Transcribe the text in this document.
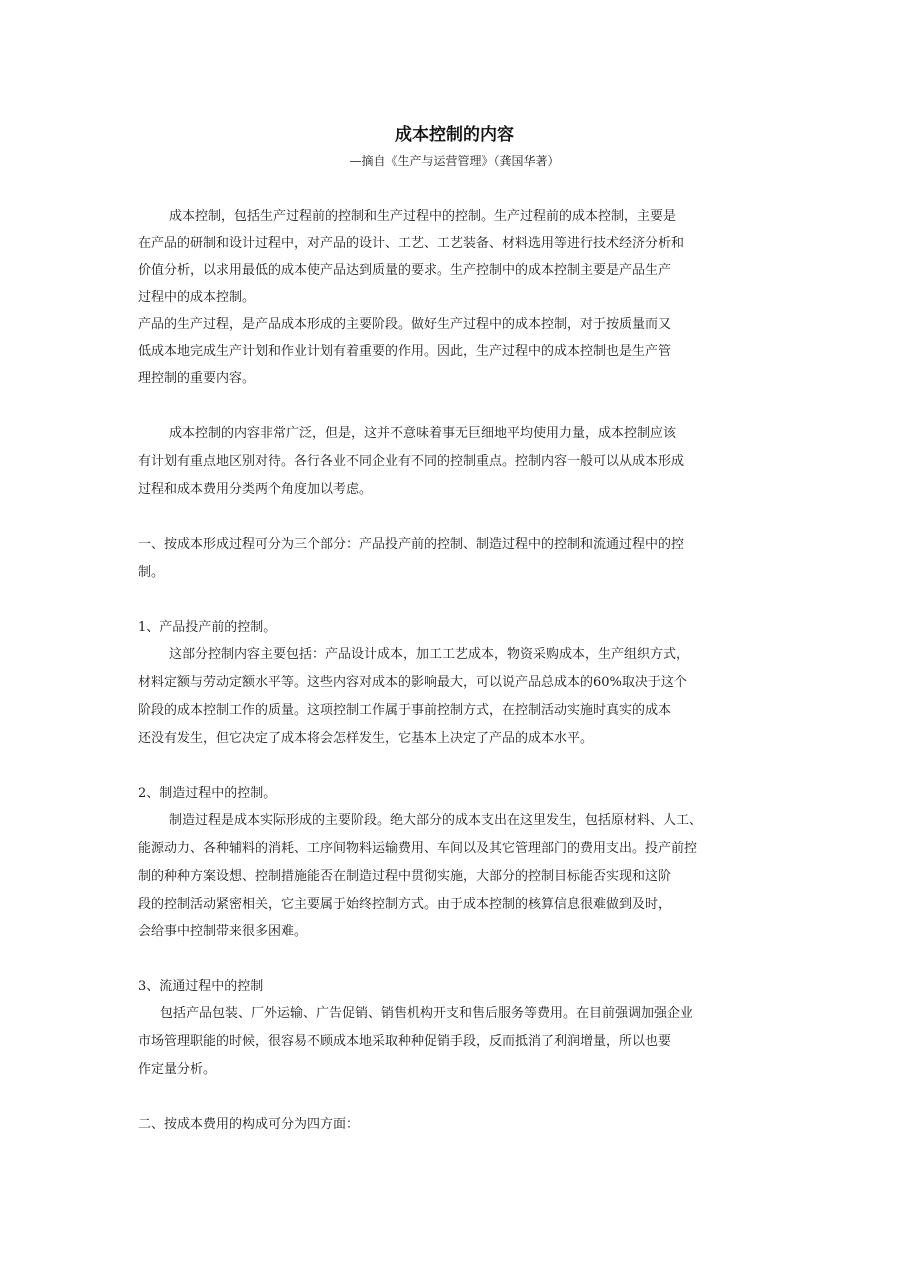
成本控制的内容
—摘自《生产与运营管理》（龚国华著）
成本控制，包括生产过程前的控制和生产过程中的控制。生产过程前的成本控制，主要是
在产品的研制和设计过程中，对产品的设计、工艺、工艺装备、材料选用等进行技术经济分析和
价值分析，以求用最低的成本使产品达到质量的要求。生产控制中的成本控制主要是产品生产
过程中的成本控制。
产品的生产过程，是产品成本形成的主要阶段。做好生产过程中的成本控制，对于按质量而又
低成本地完成生产计划和作业计划有着重要的作用。因此，生产过程中的成本控制也是生产管
理控制的重要内容。
成本控制的内容非常广泛，但是，这并不意味着事无巨细地平均使用力量，成本控制应该
有计划有重点地区别对待。各行各业不同企业有不同的控制重点。控制内容一般可以从成本形成
过程和成本费用分类两个角度加以考虑。
一、按成本形成过程可分为三个部分：产品投产前的控制、制造过程中的控制和流通过程中的控
制。
1、产品投产前的控制。
这部分控制内容主要包括：产品设计成本，加工工艺成本，物资采购成本，生产组织方式，
材料定额与劳动定额水平等。这些内容对成本的影响最大，可以说产品总成本的60%取决于这个
阶段的成本控制工作的质量。这项控制工作属于事前控制方式，在控制活动实施时真实的成本
还没有发生，但它决定了成本将会怎样发生，它基本上决定了产品的成本水平。
2、制造过程中的控制。
制造过程是成本实际形成的主要阶段。绝大部分的成本支出在这里发生，包括原材料、人工、
能源动力、各种辅料的消耗、工序间物料运输费用、车间以及其它管理部门的费用支出。投产前控
制的种种方案设想、控制措施能否在制造过程中贯彻实施，大部分的控制目标能否实现和这阶
段的控制活动紧密相关，它主要属于始终控制方式。由于成本控制的核算信息很难做到及时，
会给事中控制带来很多困难。
3、流通过程中的控制
包括产品包装、厂外运输、广告促销、销售机构开支和售后服务等费用。在目前强调加强企业
市场管理职能的时候，很容易不顾成本地采取种种促销手段，反而抵消了利润增量，所以也要
作定量分析。
二、按成本费用的构成可分为四方面：
